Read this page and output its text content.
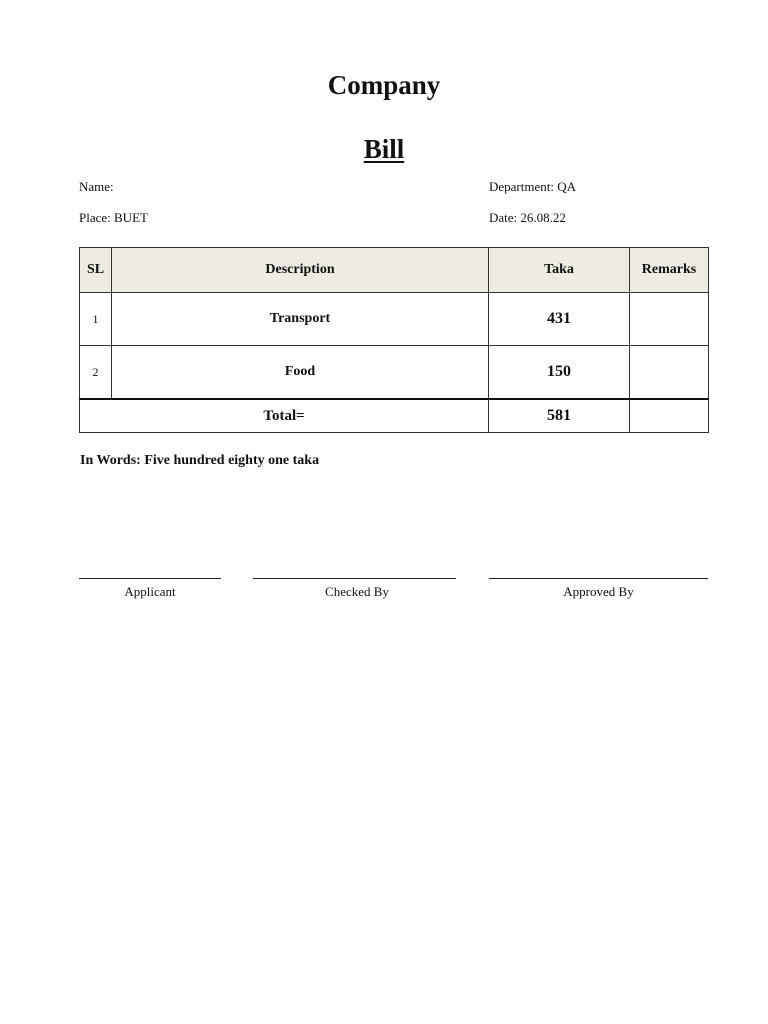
Company
Bill
Name:	Department: QA
Place: BUET	Date: 26.08.22
SL	Description	Taka	Remarks
1	Transport	431	
2	Food	150	
Total=		581	
In Words: Five hundred eighty one taka
Applicant	Checked By	Approved By
